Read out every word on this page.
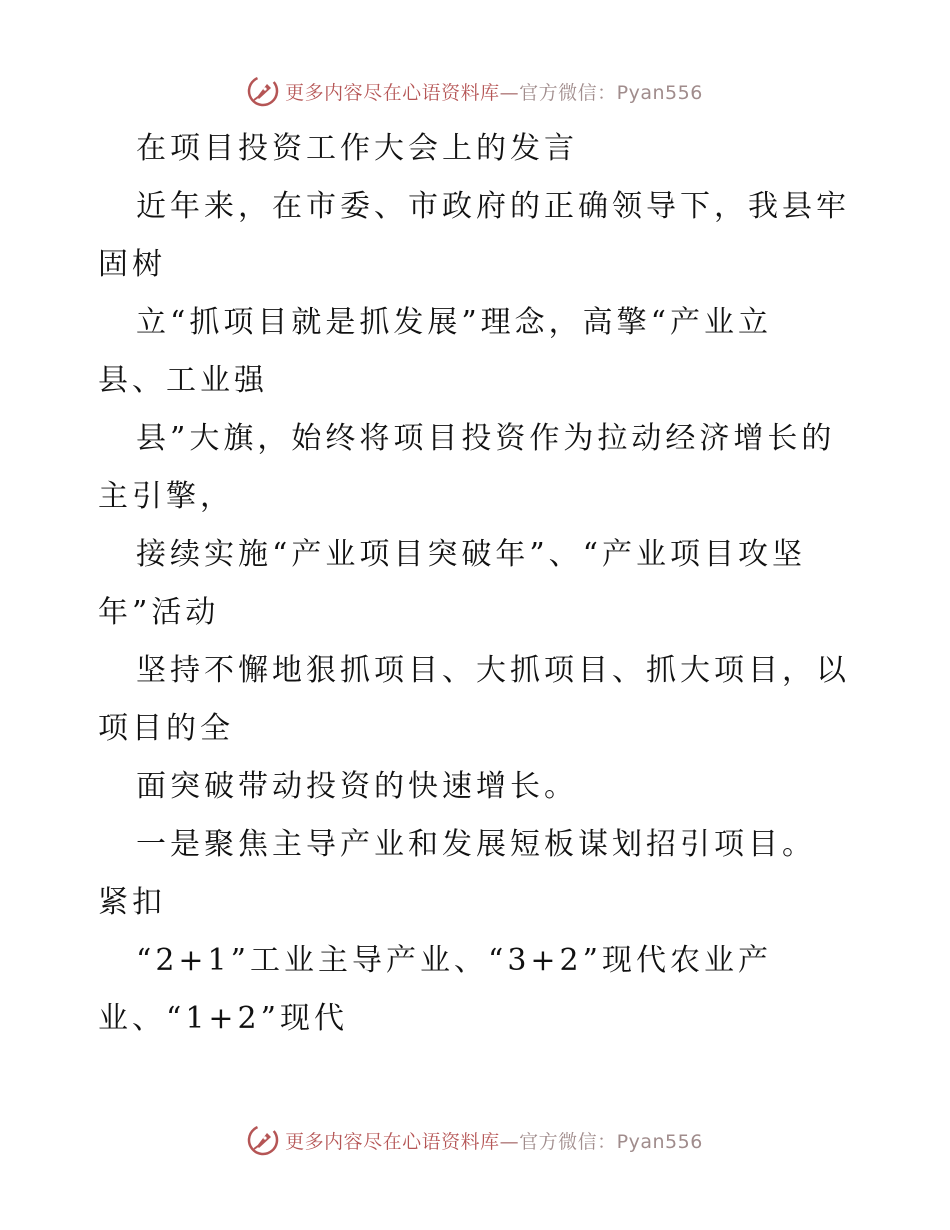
更多内容尽在心语资料库—官方微信：Pyan556
在项目投资工作大会上的发言
近年来，在市委、市政府的正确领导下，我县牢
固树
立“抓项目就是抓发展”理念，高擎“产业立
县、工业强
县”大旗，始终将项目投资作为拉动经济增长的
主引擎，
接续实施“产业项目突破年”、“产业项目攻坚
年”活动
坚持不懈地狠抓项目、大抓项目、抓大项目，以
项目的全
面突破带动投资的快速增长。
一是聚焦主导产业和发展短板谋划招引项目。
紧扣
“2+1”工业主导产业、“3+2”现代农业产
业、“1+2”现代
更多内容尽在心语资料库—官方微信：Pyan556
